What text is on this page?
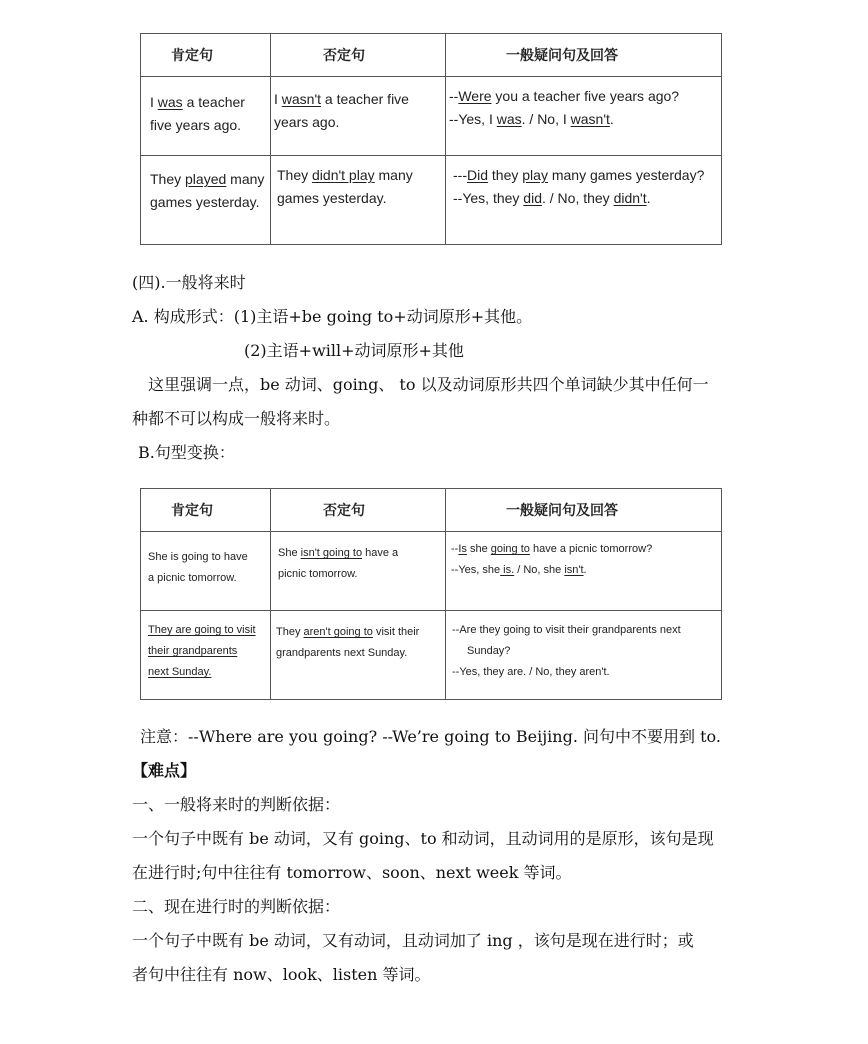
肯定句	否定句	一般疑问句及回答

I was a teacher
five years ago.	I wasn't a teacher five
years ago.	--Were you a teacher five years ago?
--Yes, I was. / No, I wasn't.

They played many
games yesterday.	They didn't play many
games yesterday.	---Did they play many games yesterday?
--Yes, they did. / No, they didn't.
(四).一般将来时
A. 构成形式：(1)主语+be going to+动词原形+其他。
(2)主语+will+动词原形+其他
这里强调一点，be 动词、going、 to 以及动词原形共四个单词缺少其中任何一
种都不可以构成一般将来时。
B.句型变换：
肯定句	否定句	一般疑问句及回答

She is going to have
a picnic tomorrow.	She isn't going to have a
picnic tomorrow.	--Is she going to have a picnic tomorrow?
--Yes, she is. / No, she isn't.

They are going to visit
their grandparents
next Sunday.	They aren't going to visit their
grandparents next Sunday.	--Are they going to visit their grandparents next
Sunday?
--Yes, they are. / No, they aren't.
注意：--Where are you going? --We’re going to Beijing. 问句中不要用到 to.
【难点】
一、一般将来时的判断依据：
一个句子中既有 be 动词，又有 going、to 和动词，且动词用的是原形，该句是现
在进行时;句中往往有 tomorrow、soon、next week 等词。
二、现在进行时的判断依据：
一个句子中既有 be 动词，又有动词，且动词加了 ing ，该句是现在进行时；或
者句中往往有 now、look、listen 等词。
